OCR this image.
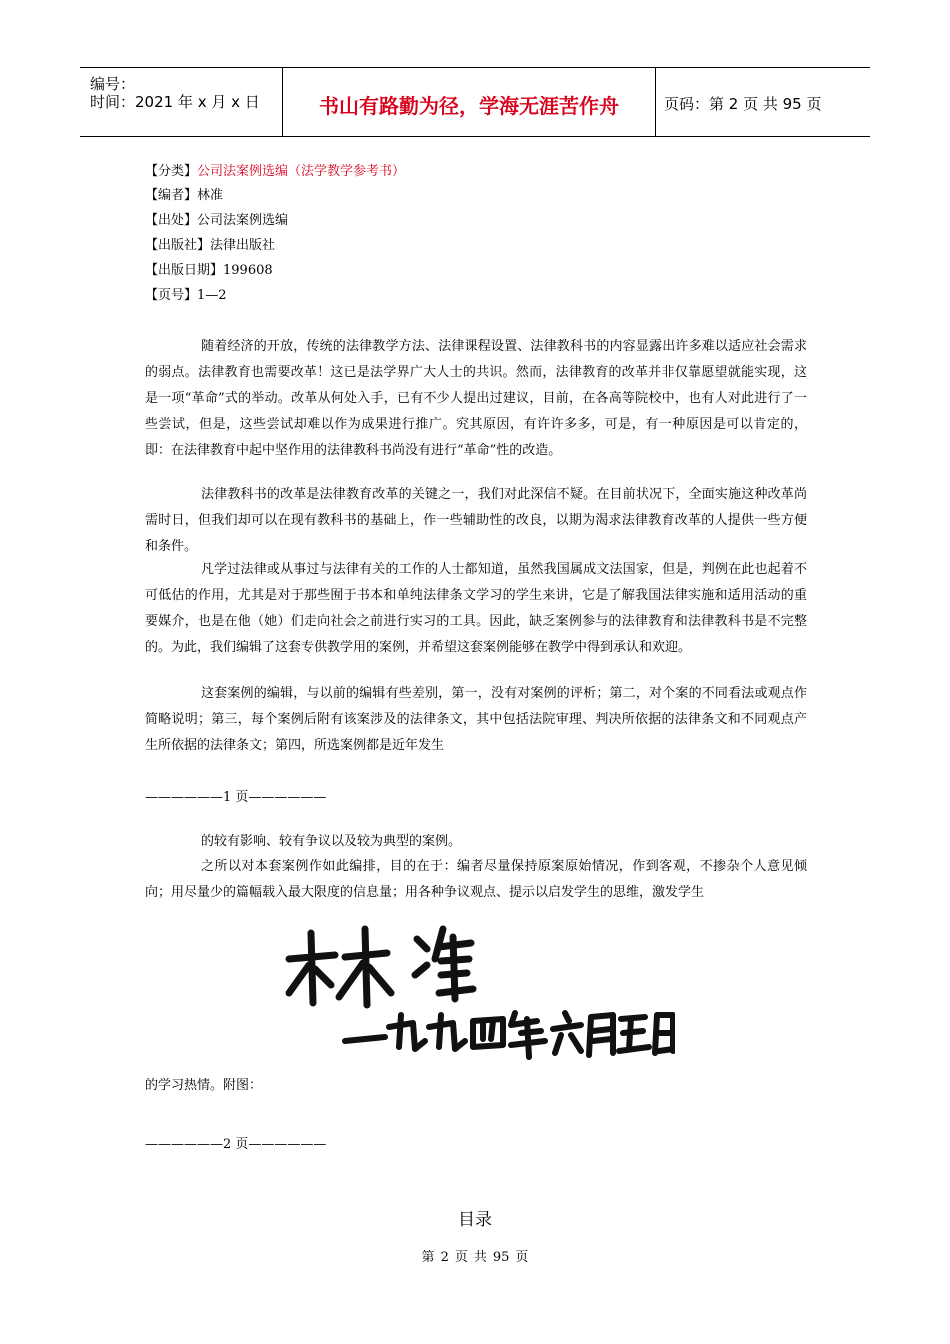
编号：
时间：2021 年 x 月 x 日	书山有路勤为径，学海无涯苦作舟	页码：第 2 页 共 95 页
【分类】公司法案例选编（法学教学参考书）
【编者】林准
【出处】公司法案例选编
【出版社】法律出版社
【出版日期】199608
【页号】1—2
随着经济的开放，传统的法律教学方法、法律课程设置、法律教科书的内容显露出许多难以适应社会需求的弱点。法律教育也需要改革！这已是法学界广大人士的共识。然而，法律教育的改革并非仅靠愿望就能实现，这是一项“革命”式的举动。改革从何处入手，已有不少人提出过建议，目前，在各高等院校中，也有人对此进行了一些尝试，但是，这些尝试却难以作为成果进行推广。究其原因，有许许多多，可是，有一种原因是可以肯定的，即：在法律教育中起中坚作用的法律教科书尚没有进行“革命”性的改造。
法律教科书的改革是法律教育改革的关键之一，我们对此深信不疑。在目前状况下，全面实施这种改革尚需时日，但我们却可以在现有教科书的基础上，作一些辅助性的改良，以期为渴求法律教育改革的人提供一些方便和条件。
凡学过法律或从事过与法律有关的工作的人士都知道，虽然我国属成文法国家，但是，判例在此也起着不可低估的作用，尤其是对于那些囿于书本和单纯法律条文学习的学生来讲，它是了解我国法律实施和适用活动的重要媒介，也是在他（她）们走向社会之前进行实习的工具。因此，缺乏案例参与的法律教育和法律教科书是不完整的。为此，我们编辑了这套专供教学用的案例，并希望这套案例能够在教学中得到承认和欢迎。
这套案例的编辑，与以前的编辑有些差别，第一，没有对案例的评析；第二，对个案的不同看法或观点作简略说明；第三，每个案例后附有该案涉及的法律条文，其中包括法院审理、判决所依据的法律条文和不同观点产生所依据的法律条文；第四，所选案例都是近年发生
——————1 页——————
的较有影响、较有争议以及较为典型的案例。
之所以对本套案例作如此编排，目的在于：编者尽量保持原案原始情况，作到客观，不掺杂个人意见倾向；用尽量少的篇幅载入最大限度的信息量；用各种争议观点、提示以启发学生的思维，激发学生
的学习热情。附图：
——————2 页——————
目录
第 2 页 共 95 页
